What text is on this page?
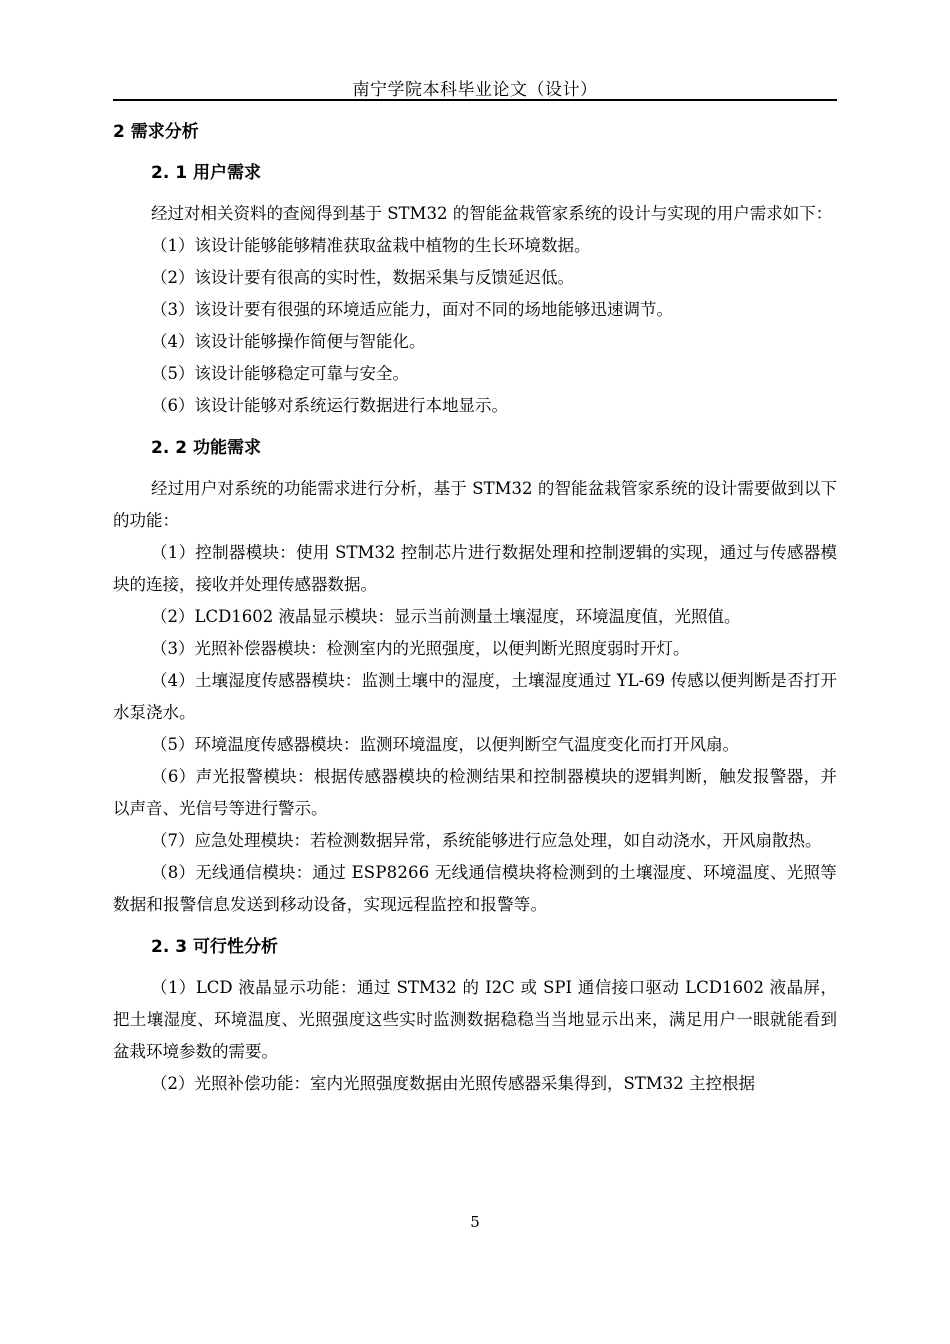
南宁学院本科毕业论文（设计）
2 需求分析
2. 1 用户需求

经过对相关资料的查阅得到基于 STM32 的智能盆栽管家系统的设计与实现的用户需求如下：

（1）该设计能够能够精准获取盆栽中植物的生长环境数据。

（2）该设计要有很高的实时性，数据采集与反馈延迟低。

（3）该设计要有很强的环境适应能力，面对不同的场地能够迅速调节。

（4）该设计能够操作简便与智能化。

（5）该设计能够稳定可靠与安全。

（6）该设计能够对系统运行数据进行本地显示。

2. 2 功能需求

经过用户对系统的功能需求进行分析，基于 STM32 的智能盆栽管家系统的设计需要做到以下的功能：

（1）控制器模块：使用 STM32 控制芯片进行数据处理和控制逻辑的实现，通过与传感器模块的连接，接收并处理传感器数据。

（2）LCD1602 液晶显示模块：显示当前测量土壤湿度，环境温度值，光照值。

（3）光照补偿器模块：检测室内的光照强度，以便判断光照度弱时开灯。

（4）土壤湿度传感器模块：监测土壤中的湿度，土壤湿度通过 YL-69 传感以便判断是否打开水泵浇水。

（5）环境温度传感器模块：监测环境温度，以便判断空气温度变化而打开风扇。

（6）声光报警模块：根据传感器模块的检测结果和控制器模块的逻辑判断，触发报警器，并以声音、光信号等进行警示。

（7）应急处理模块：若检测数据异常，系统能够进行应急处理，如自动浇水，开风扇散热。

（8）无线通信模块：通过 ESP8266 无线通信模块将检测到的土壤湿度、环境温度、光照等数据和报警信息发送到移动设备，实现远程监控和报警等。

2. 3 可行性分析

（1）LCD 液晶显示功能：通过 STM32 的 I2C 或 SPI 通信接口驱动 LCD1602 液晶屏，把土壤湿度、环境温度、光照强度这些实时监测数据稳稳当当地显示出来，满足用户一眼就能看到盆栽环境参数的需要。

（2）光照补偿功能：室内光照强度数据由光照传感器采集得到，STM32 主控根据

5
